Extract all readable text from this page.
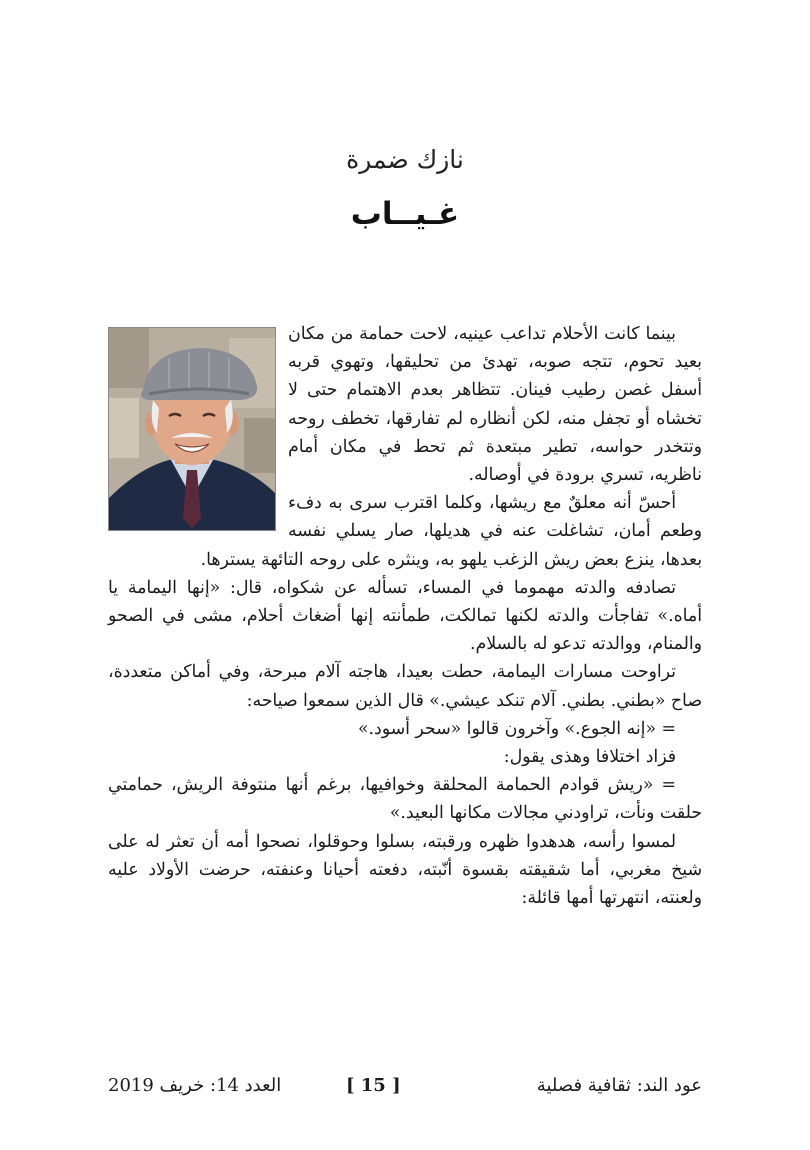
نازك ضمرة
غـيــاب

بينما كانت الأحلام تداعب عينيه، لاحت حمامة من مكان بعيد تحوم، تتجه صوبه، تهدئ من تحليقها، وتهوي قربه أسفل غصن رطيب فينان. تتظاهر بعدم الاهتمام حتى لا تخشاه أو تجفل منه، لكن أنظاره لم تفارقها، تخطف روحه وتتخدر حواسه، تطير مبتعدة ثم تحط في مكان أمام ناظريه، تسري برودة في أوصاله.

أحسّ أنه معلقٌ مع ريشها، وكلما اقترب سرى به دفء وطعم أمان، تشاغلت عنه في هديلها، صار يسلي نفسه بعدها، ينزع بعض ريش الزغب يلهو به، وينثره على روحه التائهة يسترها.

تصادفه والدته مهموما في المساء، تسأله عن شكواه، قال: «إنها اليمامة يا أماه.» تفاجأت والدته لكنها تمالكت، طمأنته إنها أضغاث أحلام، مشى في الصحو والمنام، ووالدته تدعو له بالسلام.

تراوحت مسارات اليمامة، حطت بعيدا، هاجته آلام مبرحة، وفي أماكن متعددة، صاح «بطني. بطني. آلام تنكد عيشي.» قال الذين سمعوا صياحه:

= «إنه الجوع.» وآخرون قالوا «سحر أسود.»

فزاد اختلافا وهذى يقول:

= «ريش قوادم الحمامة المحلقة وخوافيها، برغم أنها منتوفة الريش، حمامتي حلقت ونأت، تراودني مجالات مكانها البعيد.»

لمسوا رأسه، هدهدوا ظهره ورقبته، بسلوا وحوقلوا، نصحوا أمه أن تعثر له على شيخ مغربي، أما شقيقته بقسوة أنّبته، دفعته أحيانا وعنفته، حرضت الأولاد عليه ولعنته، انتهرتها أمها قائلة:

عود الند: ثقافية فصلية
[ 15 ]
العدد 14: خريف 2019
